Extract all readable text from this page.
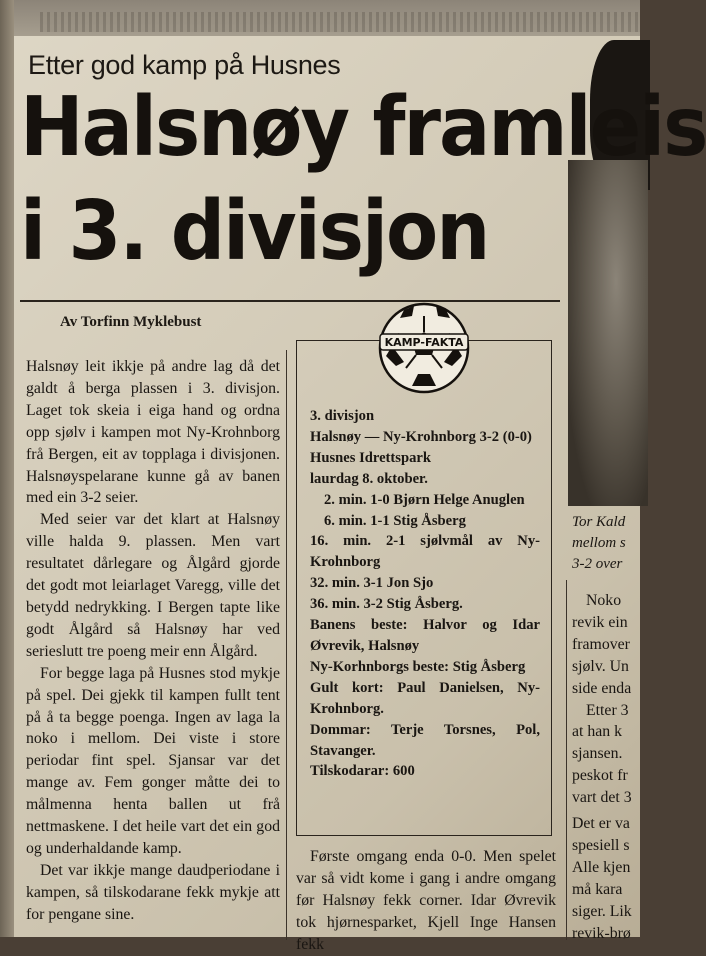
Etter god kamp på Husnes
Halsnøy framleis
i 3. divisjon
Av Torfinn Myklebust

Halsnøy leit ikkje på andre lag då det galdt å berga plassen i 3. divisjon. Laget tok skeia i eiga hand og ordna opp sjølv i kampen mot Ny-Krohnborg frå Bergen, eit av topplaga i divisjonen. Halsnøyspelarane kunne gå av banen med ein 3-2 seier.

Med seier var det klart at Halsnøy ville halda 9. plassen. Men vart resultatet dårlegare og Ålgård gjorde det godt mot leiarlaget Varegg, ville det betydd nedrykking. I Bergen tapte like godt Ålgård så Halsnøy har ved serieslutt tre poeng meir enn Ålgård.

For begge laga på Husnes stod mykje på spel. Dei gjekk til kampen fullt tent på å ta begge poenga. Ingen av laga la noko i mellom. Dei viste i store periodar fint spel. Sjansar var det mange av. Fem gonger måtte dei to målmenna henta ballen ut frå nettmaskene. I det heile vart det ein god og underhaldande kamp.

Det var ikkje mange daudperiodane i kampen, så tilskodarane fekk mykje att for pengane sine.

KAMP-FAKTA
3. divisjon
Halsnøy — Ny-Krohnborg 3-2 (0-0)
Husnes Idrettspark
laurdag 8. oktober.
2. min. 1-0 Bjørn Helge Anuglen
6. min. 1-1 Stig Åsberg
16. min. 2-1 sjølvmål av Ny-Krohnborg
32. min. 3-1 Jon Sjo
36. min. 3-2 Stig Åsberg.
Banens beste: Halvor og Idar Øvrevik, Halsnøy
Ny-Korhnborgs beste: Stig Åsberg
Gult kort: Paul Danielsen, Ny-Krohnborg.
Dommar: Terje Torsnes, Pol, Stavanger.
Tilskodarar: 600

Første omgang enda 0-0. Men spelet var så vidt kome i gang i andre omgang før Halsnøy fekk corner. Idar Øvrevik tok hjørnesparket, Kjell Inge Hansen fekk

Tor Kald
mellom s
3-2 over
Noko
revik ein
framover
sjølv. Un
side enda
Etter 3
at han k
sjansen.
peskot fr
vart det 3
Det er va
spesiell s
Alle kjen
må kara
siger. Lik
revik-brø
